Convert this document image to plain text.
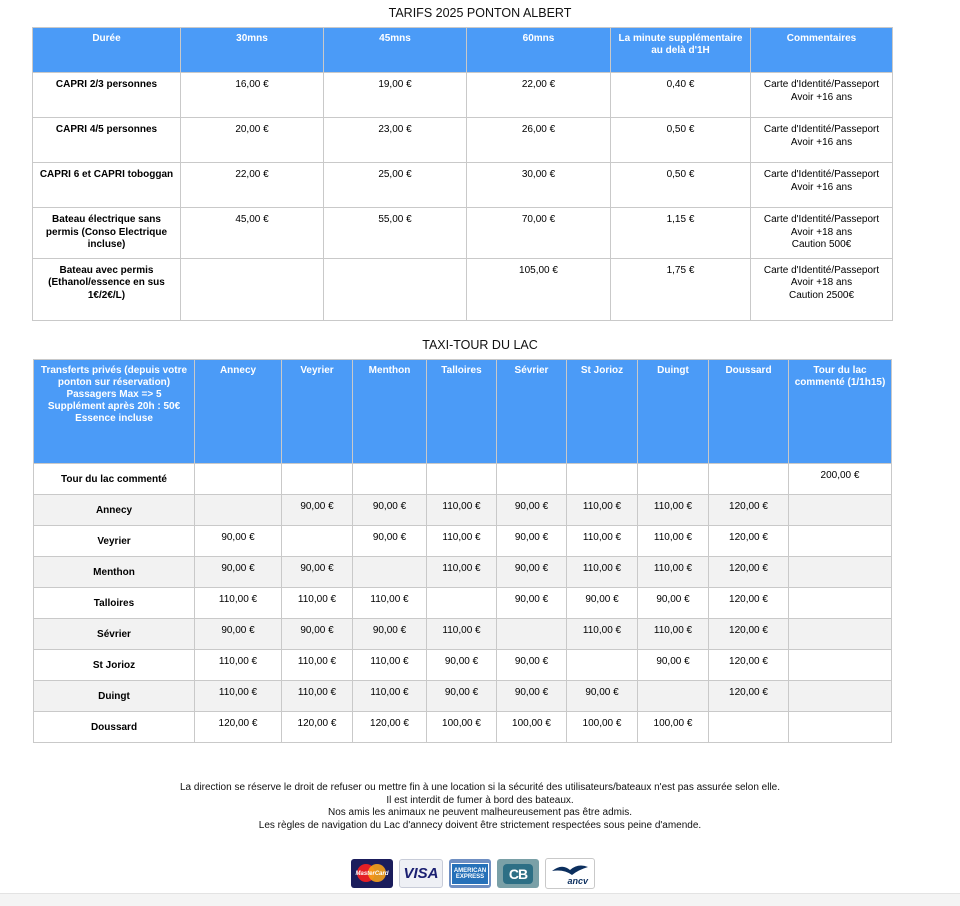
TARIFS 2025 PONTON ALBERT
Durée	30mns	45mns	60mns	La minute supplémentaire au delà d'1H	Commentaires
CAPRI 2/3 personnes	16,00 €	19,00 €	22,00 €	0,40 €	Carte d'Identité/Passeport
Avoir +16 ans

CAPRI 4/5 personnes	20,00 €	23,00 €	26,00 €	0,50 €	Carte d'Identité/Passeport
Avoir +16 ans

CAPRI 6 et CAPRI toboggan	22,00 €	25,00 €	30,00 €	0,50 €	Carte d'Identité/Passeport
Avoir +16 ans

Bateau électrique sans permis (Conso Electrique incluse)	45,00 €	55,00 €	70,00 €	1,15 €	Carte d'Identité/Passeport
Avoir +18 ans
Caution 500€

Bateau avec permis (Ethanol/essence en sus 1€/2€/L)			105,00 €	1,75 €	Carte d'Identité/Passeport
Avoir +18 ans
Caution 2500€
TAXI-TOUR DU LAC
Transferts privés (depuis votre ponton sur réservation)
Passagers Max => 5
Supplément après 20h : 50€
Essence incluse	Annecy	Veyrier	Menthon	Talloires	Sévrier	St Jorioz	Duingt	Doussard	Tour du lac commenté (1/1h15)
Tour du lac commenté									200,00 €
Annecy		90,00 €	90,00 €	110,00 €	90,00 €	110,00 €	110,00 €	120,00 €	
Veyrier	90,00 €		90,00 €	110,00 €	90,00 €	110,00 €	110,00 €	120,00 €	
Menthon	90,00 €	90,00 €		110,00 €	90,00 €	110,00 €	110,00 €	120,00 €	
Talloires	110,00 €	110,00 €	110,00 €		90,00 €	90,00 €	90,00 €	120,00 €	
Sévrier	90,00 €	90,00 €	90,00 €	110,00 €		110,00 €	110,00 €	120,00 €	
St Jorioz	110,00 €	110,00 €	110,00 €	90,00 €	90,00 €		90,00 €	120,00 €	
Duingt	110,00 €	110,00 €	110,00 €	90,00 €	90,00 €	90,00 €		120,00 €	
Doussard	120,00 €	120,00 €	120,00 €	100,00 €	100,00 €	100,00 €	100,00 €		
La direction se réserve le droit de refuser ou mettre fin à une location si la sécurité des utilisateurs/bateaux n'est pas assurée selon elle.
Il est interdit de fumer à bord des bateaux.
Nos amis les animaux ne peuvent malheureusement pas être admis.
Les règles de navigation du Lac d'annecy doivent être strictement respectées sous peine d'amende.
MasterCard VISA	AMERICAN
EXPRESS	CB	ancv
